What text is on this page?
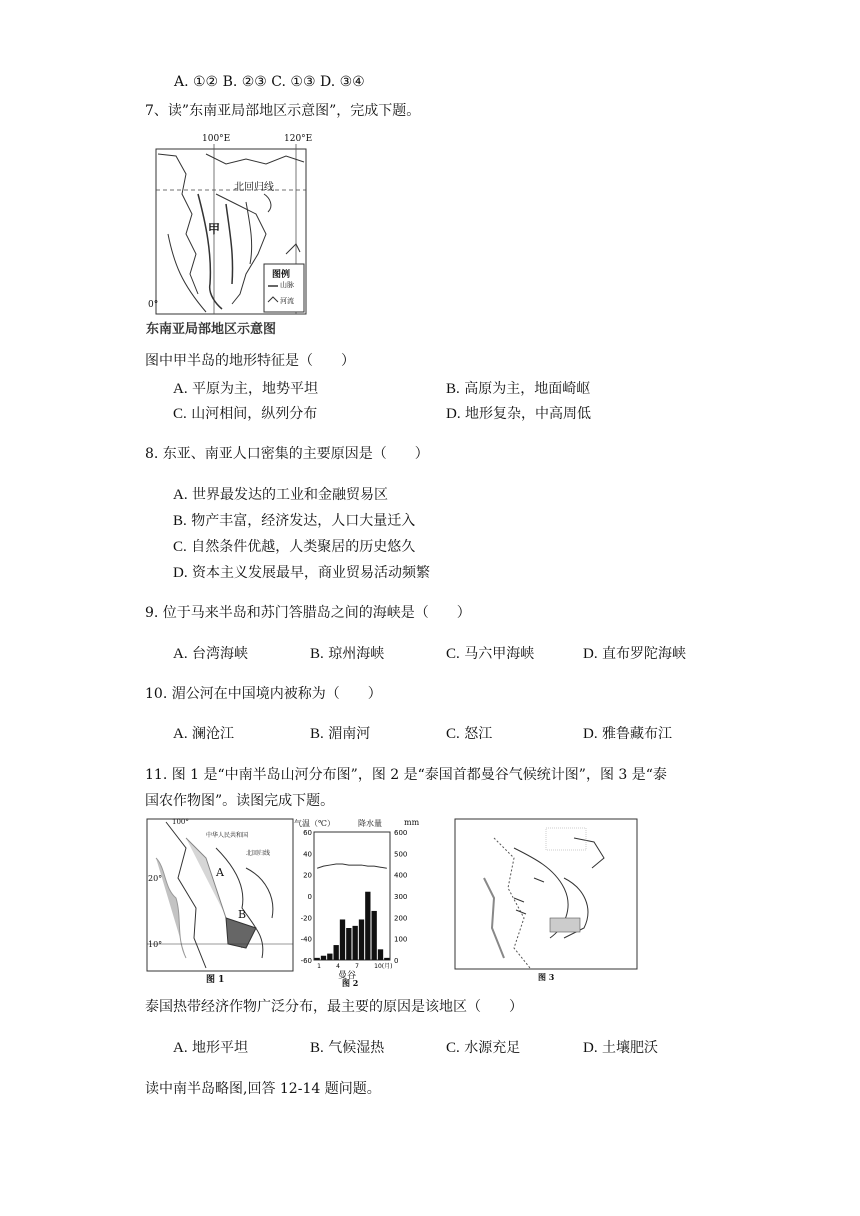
A. ①② B. ②③ C. ①③ D. ③④
7、读”东南亚局部地区示意图”，完成下题。
100°E	120°E
北回归线
甲
0°
图例
山脉
河流
东南亚局部地区示意图
图中甲半岛的地形特征是（　　）
A. 平原为主，地势平坦	B. 高原为主，地面崎岖
C. 山河相间，纵列分布	D. 地形复杂，中高周低
8. 东亚、南亚人口密集的主要原因是（　　）
A. 世界最发达的工业和金融贸易区
B. 物产丰富，经济发达，人口大量迁入
C. 自然条件优越，人类聚居的历史悠久
D. 资本主义发展最早，商业贸易活动频繁
9. 位于马来半岛和苏门答腊岛之间的海峡是（　　）
A. 台湾海峡	B. 琼州海峡	C. 马六甲海峡	D. 直布罗陀海峡
10. 湄公河在中国境内被称为（　　）
A. 澜沧江	B. 湄南河	C. 怒江	D. 雅鲁藏布江
11. 图 1 是“中南半岛山河分布图”，图 2 是“泰国首都曼谷气候统计图”，图 3 是“泰
国农作物图”。读图完成下题。
100°
中华人民共和国
北回归线
20°
10°
A
B
图 1
气温（℃）	降水量	mm
-60
-40
-20
0
20
40
60
0
100
200
300
400
500
600
1	4	7	10(月)
曼谷
图 2
图 3
泰国热带经济作物广泛分布，最主要的原因是该地区（　　）
A. 地形平坦	B. 气候湿热	C. 水源充足	D. 土壤肥沃
读中南半岛略图,回答 12-14 题问题。
